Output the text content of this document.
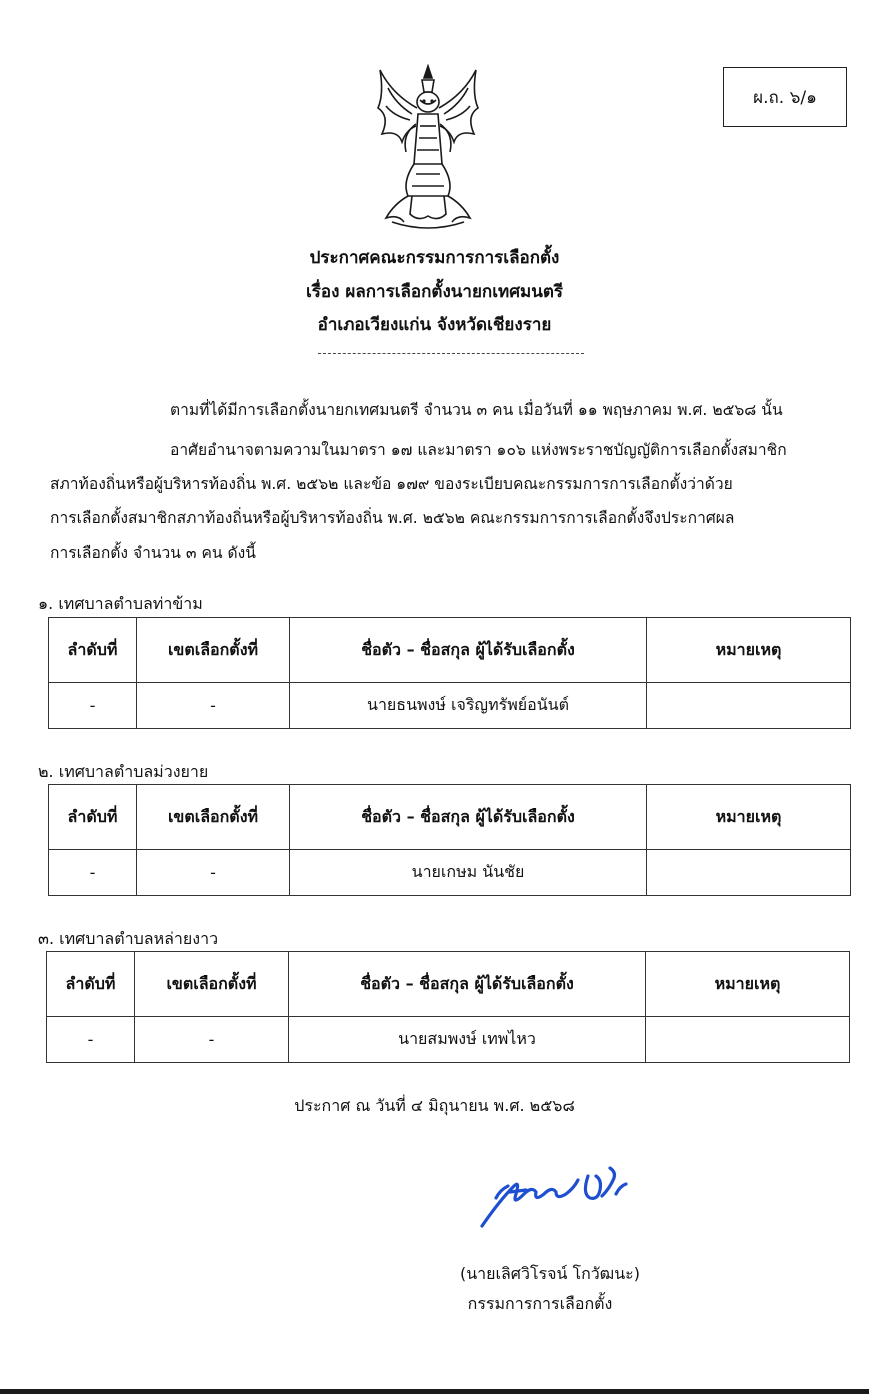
ผ.ถ. ๖/๑
ประกาศคณะกรรมการการเลือกตั้ง
เรื่อง ผลการเลือกตั้งนายกเทศมนตรี
อำเภอเวียงแก่น จังหวัดเชียงราย
ตามที่ได้มีการเลือกตั้งนายกเทศมนตรี จำนวน ๓ คน เมื่อวันที่ ๑๑ พฤษภาคม พ.ศ. ๒๕๖๘ นั้น
อาศัยอำนาจตามความในมาตรา ๑๗ และมาตรา ๑๐๖ แห่งพระราชบัญญัติการเลือกตั้งสมาชิก
สภาท้องถิ่นหรือผู้บริหารท้องถิ่น พ.ศ. ๒๕๖๒ และข้อ ๑๗๙ ของระเบียบคณะกรรมการการเลือกตั้งว่าด้วย
การเลือกตั้งสมาชิกสภาท้องถิ่นหรือผู้บริหารท้องถิ่น พ.ศ. ๒๕๖๒ คณะกรรมการการเลือกตั้งจึงประกาศผล
การเลือกตั้ง จำนวน ๓ คน ดังนี้
๑. เทศบาลตำบลท่าข้าม
ลำดับที่	เขตเลือกตั้งที่	ชื่อตัว – ชื่อสกุล ผู้ได้รับเลือกตั้ง	หมายเหตุ
-	-	นายธนพงษ์ เจริญทรัพย์อนันต์	
๒. เทศบาลตำบลม่วงยาย
ลำดับที่	เขตเลือกตั้งที่	ชื่อตัว – ชื่อสกุล ผู้ได้รับเลือกตั้ง	หมายเหตุ
-	-	นายเกษม นันชัย	
๓. เทศบาลตำบลหล่ายงาว
ลำดับที่	เขตเลือกตั้งที่	ชื่อตัว – ชื่อสกุล ผู้ได้รับเลือกตั้ง	หมายเหตุ
-	-	นายสมพงษ์ เทพไหว	
ประกาศ ณ วันที่ ๔ มิถุนายน พ.ศ. ๒๕๖๘
(นายเลิศวิโรจน์ โกวัฒนะ)
กรรมการการเลือกตั้ง
